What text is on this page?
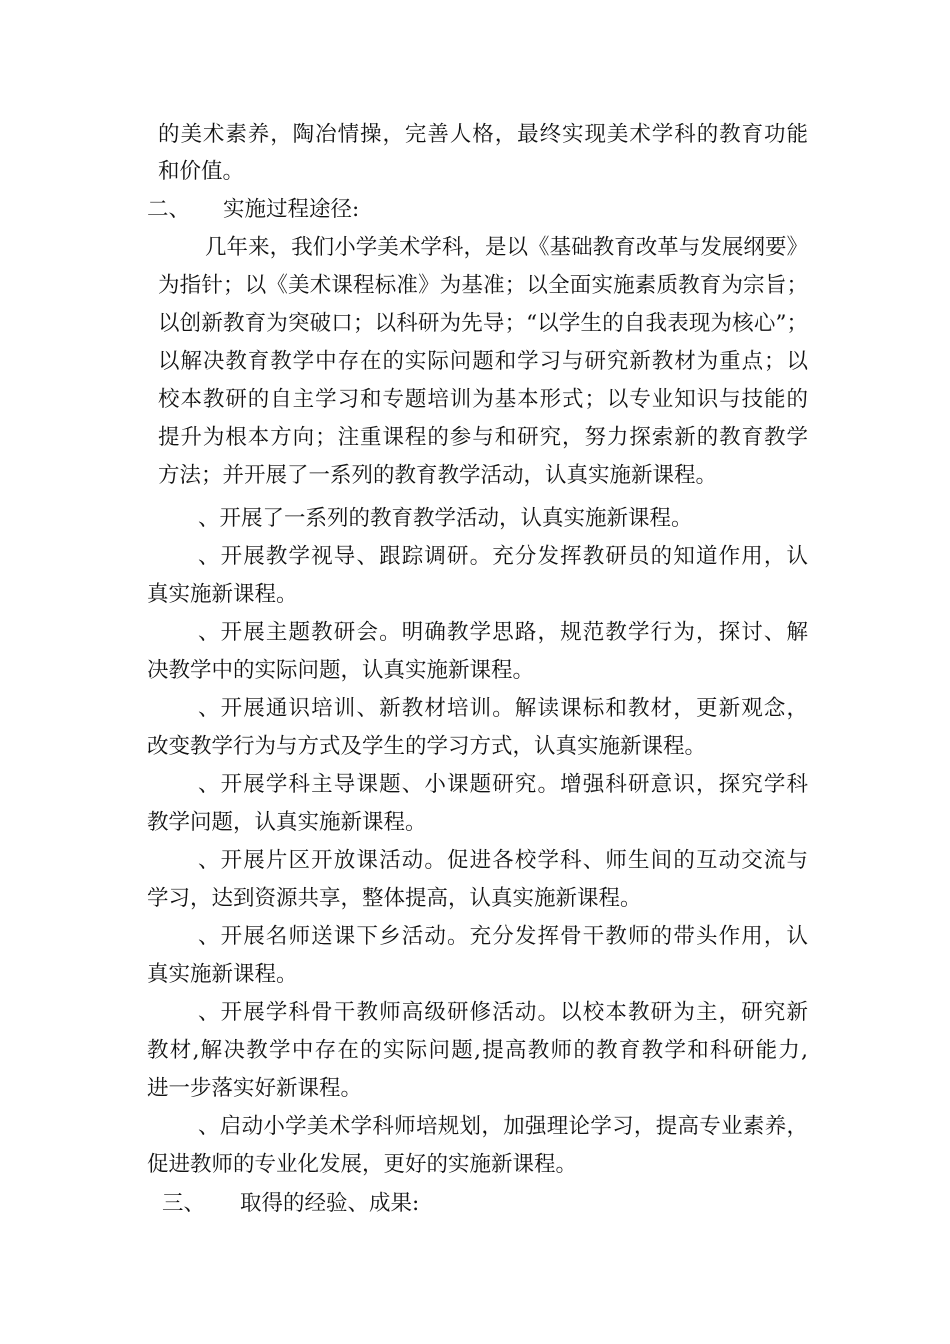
的美术素养，陶冶情操，完善人格，最终实现美术学科的教育功能
和价值。
二、	实施过程途径:
几年来，我们小学美术学科，是以《基础教育改革与发展纲要》
为指针；以《美术课程标准》为基准；以全面实施素质教育为宗旨；
以创新教育为突破口；以科研为先导；“以学生的自我表现为核心”；
以解决教育教学中存在的实际问题和学习与研究新教材为重点；以
校本教研的自主学习和专题培训为基本形式；以专业知识与技能的
提升为根本方向；注重课程的参与和研究，努力探索新的教育教学
方法；并开展了一系列的教育教学活动，认真实施新课程。
、开展了一系列的教育教学活动，认真实施新课程。
、开展教学视导、跟踪调研。充分发挥教研员的知道作用，认
真实施新课程。
、开展主题教研会。明确教学思路，规范教学行为，探讨、解
决教学中的实际问题，认真实施新课程。
、开展通识培训、新教材培训。解读课标和教材，更新观念，
改变教学行为与方式及学生的学习方式，认真实施新课程。
、开展学科主导课题、小课题研究。增强科研意识，探究学科
教学问题，认真实施新课程。
、开展片区开放课活动。促进各校学科、师生间的互动交流与
学习，达到资源共享，整体提高，认真实施新课程。
、开展名师送课下乡活动。充分发挥骨干教师的带头作用，认
真实施新课程。
、开展学科骨干教师高级研修活动。以校本教研为主，研究新
教材,解决教学中存在的实际问题,提高教师的教育教学和科研能力,
进一步落实好新课程。
、启动小学美术学科师培规划，加强理论学习，提高专业素养，
促进教师的专业化发展，更好的实施新课程。
三、	取得的经验、成果:
